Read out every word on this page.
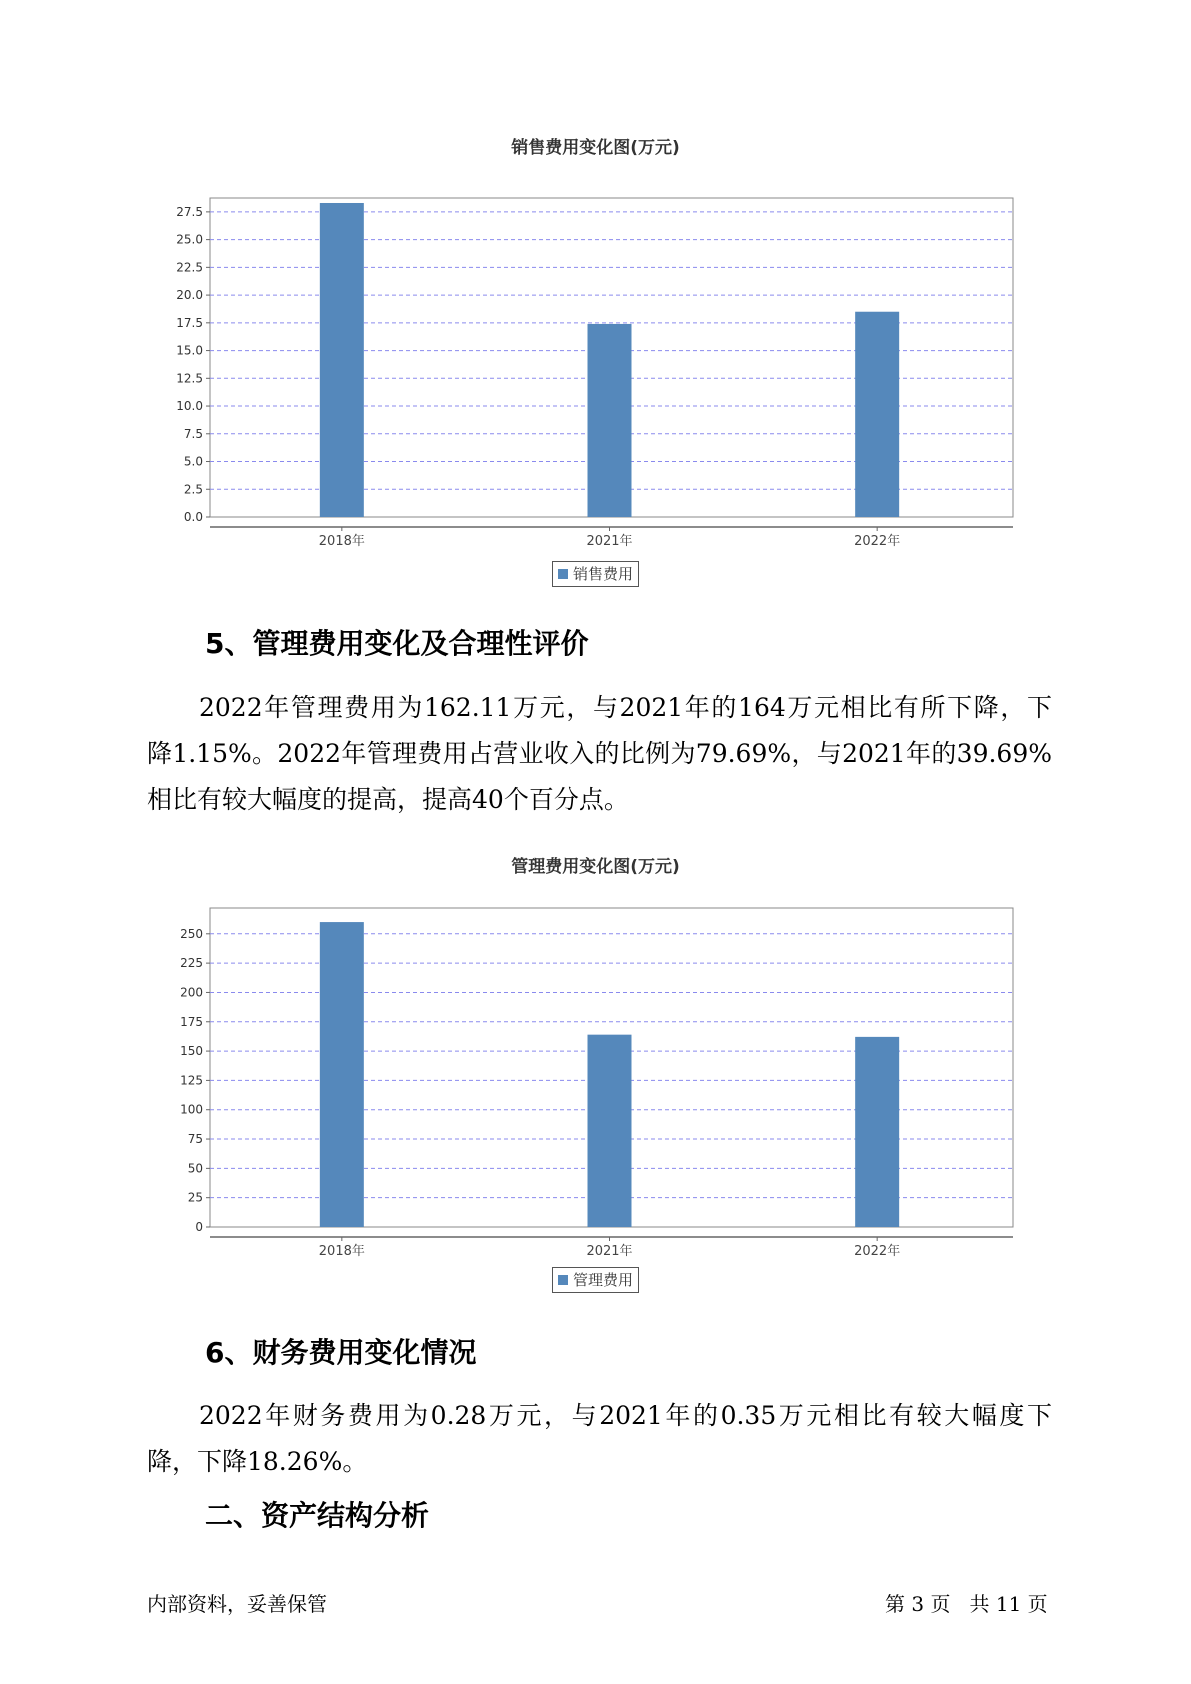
销售费用变化图(万元)
0.0
2.5
5.0
7.5
10.0
12.5
15.0
17.5
20.0
22.5
25.0
27.5
2018年	2021年	2022年
销售费用
5、管理费用变化及合理性评价
2022年管理费用为162.11万元，与2021年的164万元相比有所下降，下
降1.15%。2022年管理费用占营业收入的比例为79.69%，与2021年的39.69%
相比有较大幅度的提高，提高40个百分点。
管理费用变化图(万元)
0
25
50
75
100
125
150
175
200
225
250
2018年	2021年	2022年
管理费用
6、财务费用变化情况
2022年财务费用为0.28万元，与2021年的0.35万元相比有较大幅度下
降，下降18.26%。
二、资产结构分析
内部资料，妥善保管	第 3 页   共 11 页
